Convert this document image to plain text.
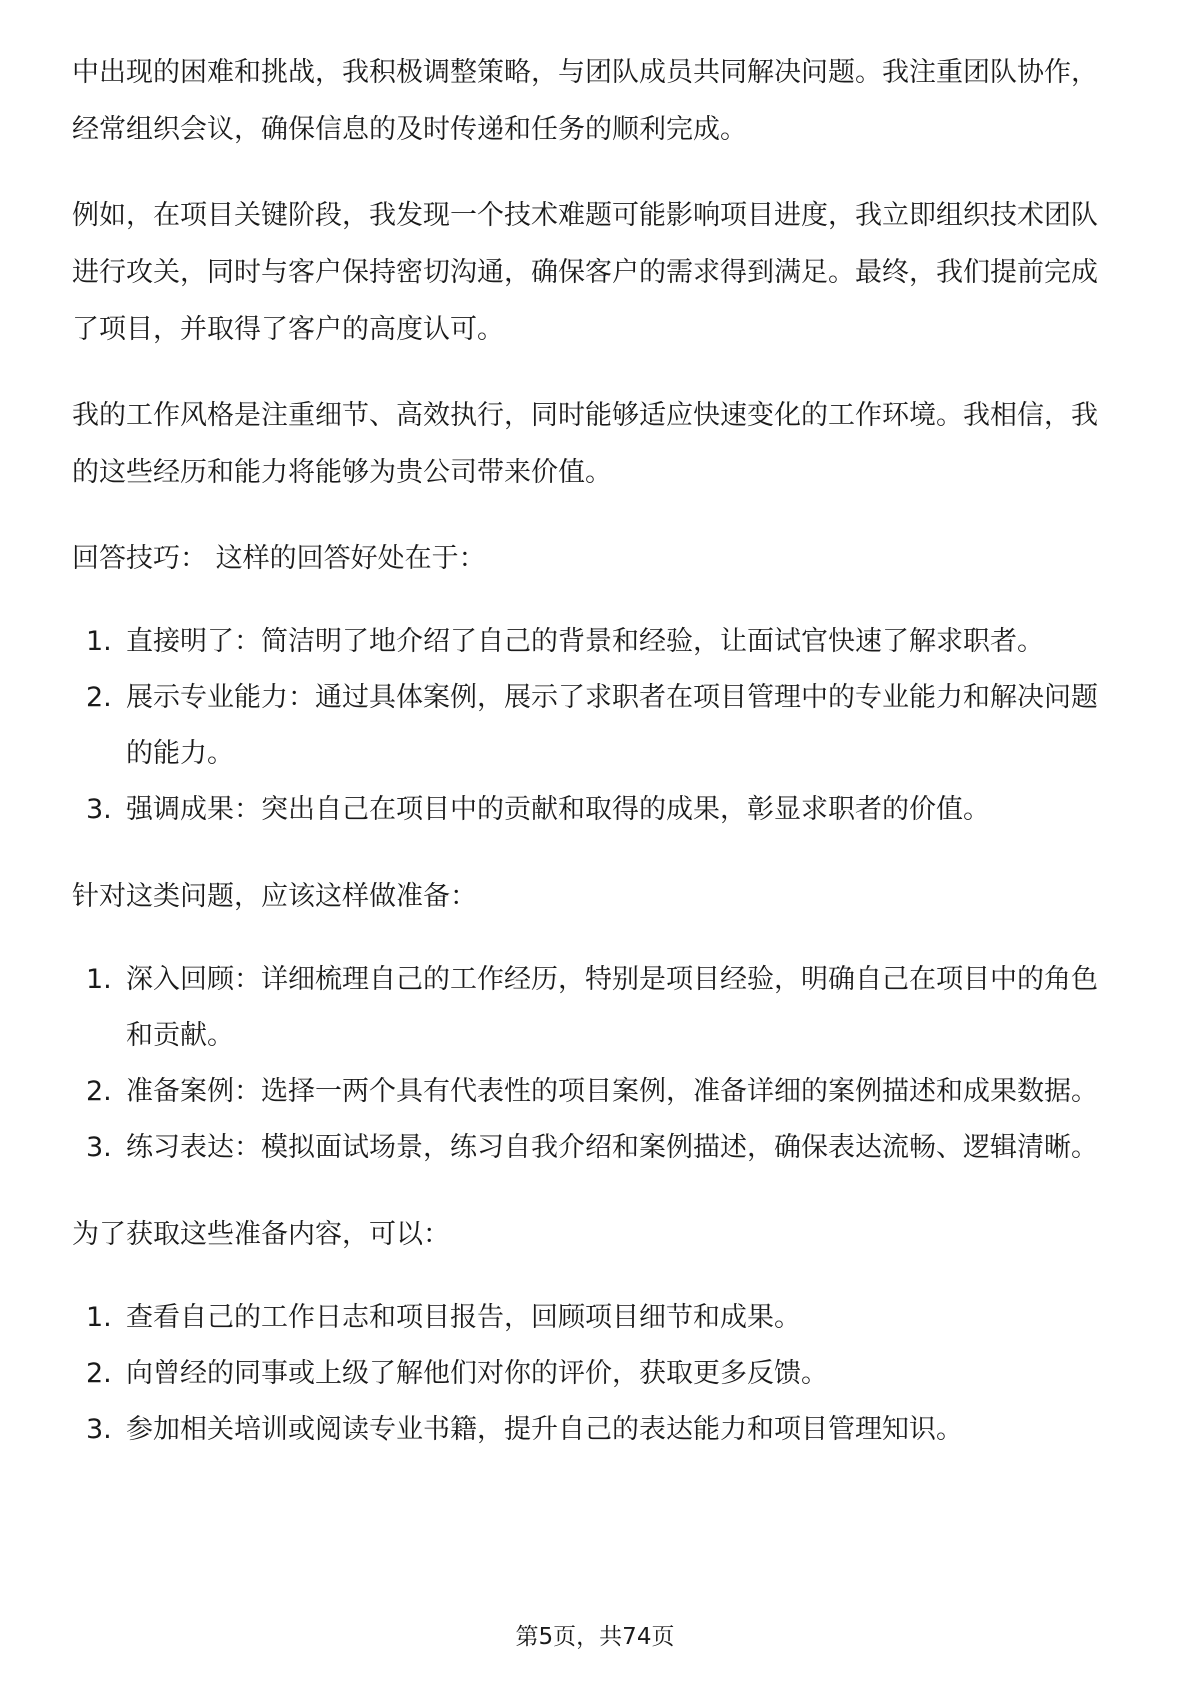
中出现的困难和挑战，我积极调整策略，与团队成员共同解决问题。我注重团队协作，经常组织会议，确保信息的及时传递和任务的顺利完成。

例如，在项目关键阶段，我发现一个技术难题可能影响项目进度，我立即组织技术团队进行攻关，同时与客户保持密切沟通，确保客户的需求得到满足。最终，我们提前完成了项目，并取得了客户的高度认可。

我的工作风格是注重细节、高效执行，同时能够适应快速变化的工作环境。我相信，我的这些经历和能力将能够为贵公司带来价值。

回答技巧： 这样的回答好处在于：

1. 直接明了：简洁明了地介绍了自己的背景和经验，让面试官快速了解求职者。
2. 展示专业能力：通过具体案例，展示了求职者在项目管理中的专业能力和解决问题的能力。
3. 强调成果：突出自己在项目中的贡献和取得的成果，彰显求职者的价值。

针对这类问题，应该这样做准备：

1. 深入回顾：详细梳理自己的工作经历，特别是项目经验，明确自己在项目中的角色和贡献。
2. 准备案例：选择一两个具有代表性的项目案例，准备详细的案例描述和成果数据。
3. 练习表达：模拟面试场景，练习自我介绍和案例描述，确保表达流畅、逻辑清晰。

为了获取这些准备内容，可以：

1. 查看自己的工作日志和项目报告，回顾项目细节和成果。
2. 向曾经的同事或上级了解他们对你的评价，获取更多反馈。
3. 参加相关培训或阅读专业书籍，提升自己的表达能力和项目管理知识。
第5页，共74页
